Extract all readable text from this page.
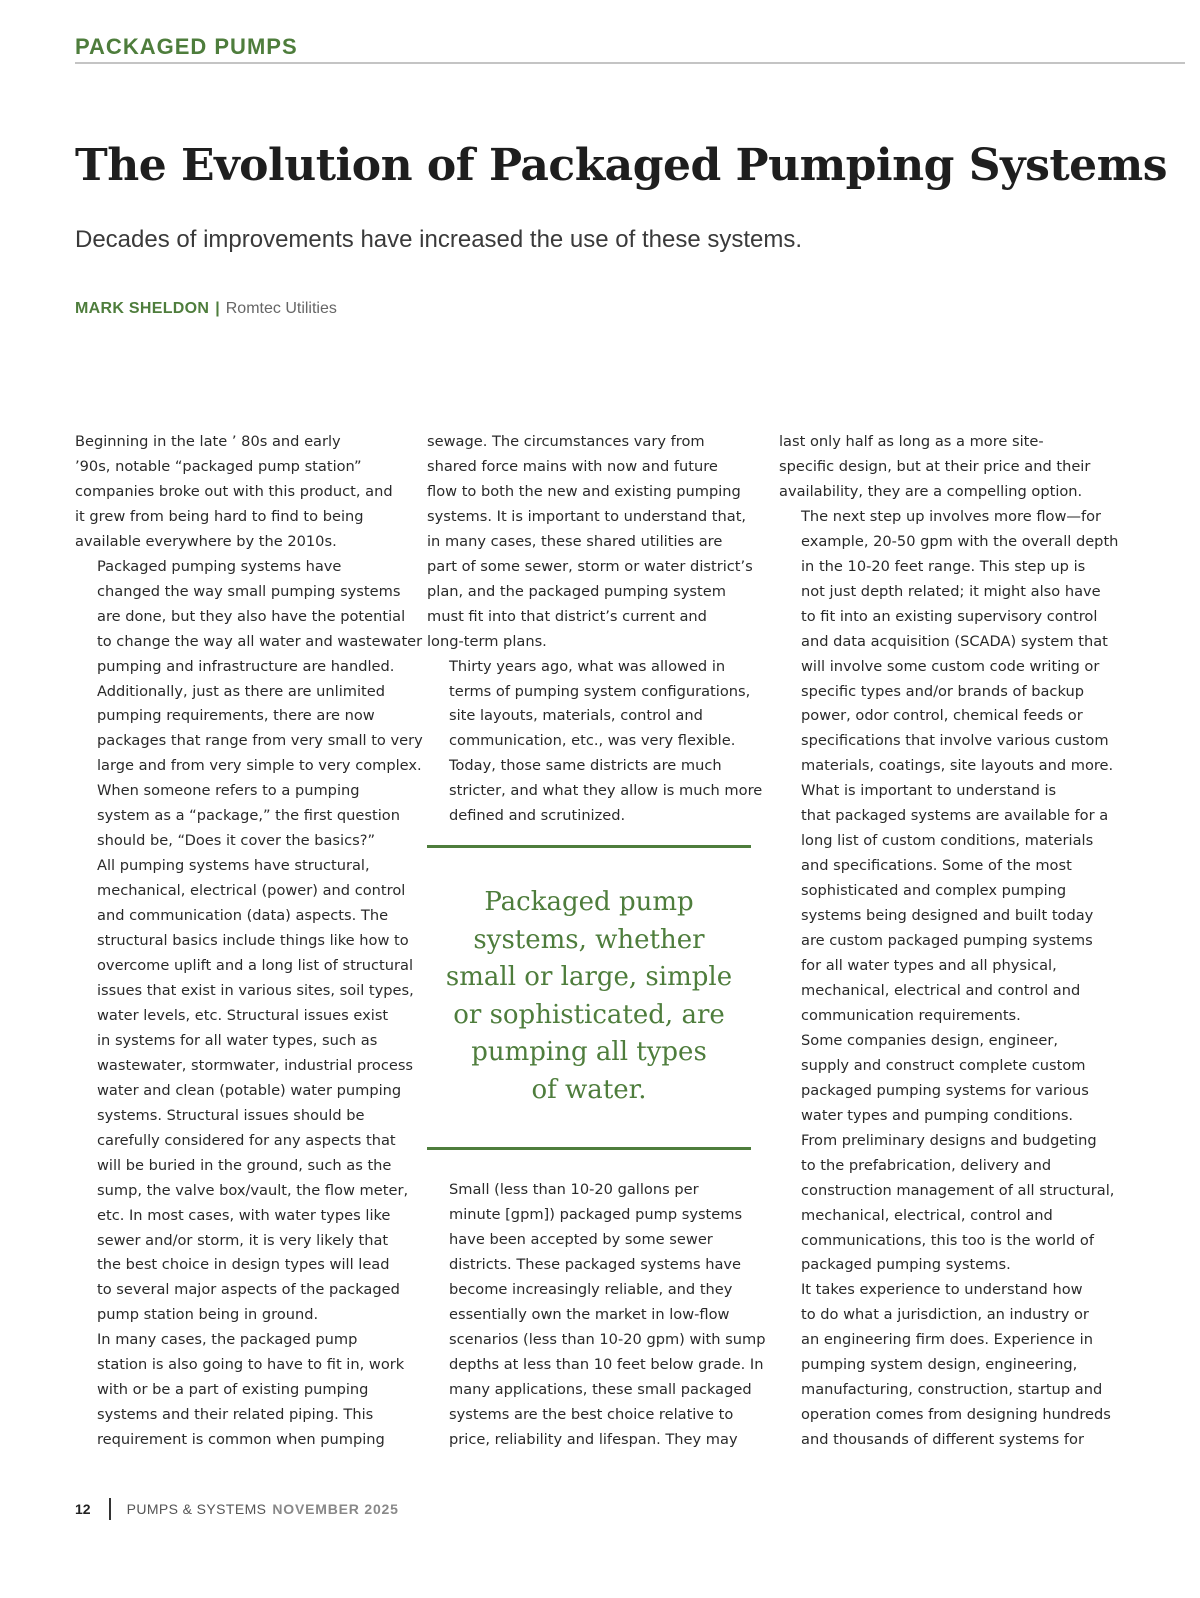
PACKAGED PUMPS
The Evolution of Packaged Pumping Systems

Decades of improvements have increased the use of these systems.

MARK SHELDON | Romtec Utilities

Beginning in the late ’ 80s and early
’90s, notable “packaged pump station”
companies broke out with this product, and
it grew from being hard to find to being
available everywhere by the 2010s.

Packaged pumping systems have
changed the way small pumping systems
are done, but they also have the potential
to change the way all water and wastewater
pumping and infrastructure are handled.
Additionally, just as there are unlimited
pumping requirements, there are now
packages that range from very small to very
large and from very simple to very complex.

When someone refers to a pumping
system as a “package,” the first question
should be, “Does it cover the basics?”
All pumping systems have structural,
mechanical, electrical (power) and control
and communication (data) aspects. The
structural basics include things like how to
overcome uplift and a long list of structural
issues that exist in various sites, soil types,
water levels, etc. Structural issues exist
in systems for all water types, such as
wastewater, stormwater, industrial process
water and clean (potable) water pumping
systems. Structural issues should be
carefully considered for any aspects that
will be buried in the ground, such as the
sump, the valve box/vault, the flow meter,
etc. In most cases, with water types like
sewer and/or storm, it is very likely that
the best choice in design types will lead
to several major aspects of the packaged
pump station being in ground.

In many cases, the packaged pump
station is also going to have to fit in, work
with or be a part of existing pumping
systems and their related piping. This
requirement is common when pumping

sewage. The circumstances vary from
shared force mains with now and future
flow to both the new and existing pumping
systems. It is important to understand that,
in many cases, these shared utilities are
part of some sewer, storm or water district’s
plan, and the packaged pumping system
must fit into that district’s current and
long-term plans.

Thirty years ago, what was allowed in
terms of pumping system configurations,
site layouts, materials, control and
communication, etc., was very flexible.
Today, those same districts are much
stricter, and what they allow is much more
defined and scrutinized.

last only half as long as a more site-
specific design, but at their price and their
availability, they are a compelling option.

The next step up involves more flow—for
example, 20-50 gpm with the overall depth
in the 10-20 feet range. This step up is
not just depth related; it might also have
to fit into an existing supervisory control
and data acquisition (SCADA) system that
will involve some custom code writing or
specific types and/or brands of backup
power, odor control, chemical feeds or
specifications that involve various custom
materials, coatings, site layouts and more.

What is important to understand is
that packaged systems are available for a
long list of custom conditions, materials
and specifications. Some of the most
sophisticated and complex pumping
systems being designed and built today
are custom packaged pumping systems
for all water types and all physical,
mechanical, electrical and control and
communication requirements.

Some companies design, engineer,
supply and construct complete custom
packaged pumping systems for various
water types and pumping conditions.
From preliminary designs and budgeting
to the prefabrication, delivery and
construction management of all structural,
mechanical, electrical, control and
communications, this too is the world of
packaged pumping systems.

It takes experience to understand how
to do what a jurisdiction, an industry or
an engineering firm does. Experience in
pumping system design, engineering,
manufacturing, construction, startup and
operation comes from designing hundreds
and thousands of different systems for

Packaged pump
systems, whether
small or large, simple
or sophisticated, are
pumping all types
of water.

Small (less than 10-20 gallons per
minute [gpm]) packaged pump systems
have been accepted by some sewer
districts. These packaged systems have
become increasingly reliable, and they
essentially own the market in low-flow
scenarios (less than 10-20 gpm) with sump
depths at less than 10 feet below grade. In
many applications, these small packaged
systems are the best choice relative to
price, reliability and lifespan. They may

12	PUMPS & SYSTEMS NOVEMBER 2025
